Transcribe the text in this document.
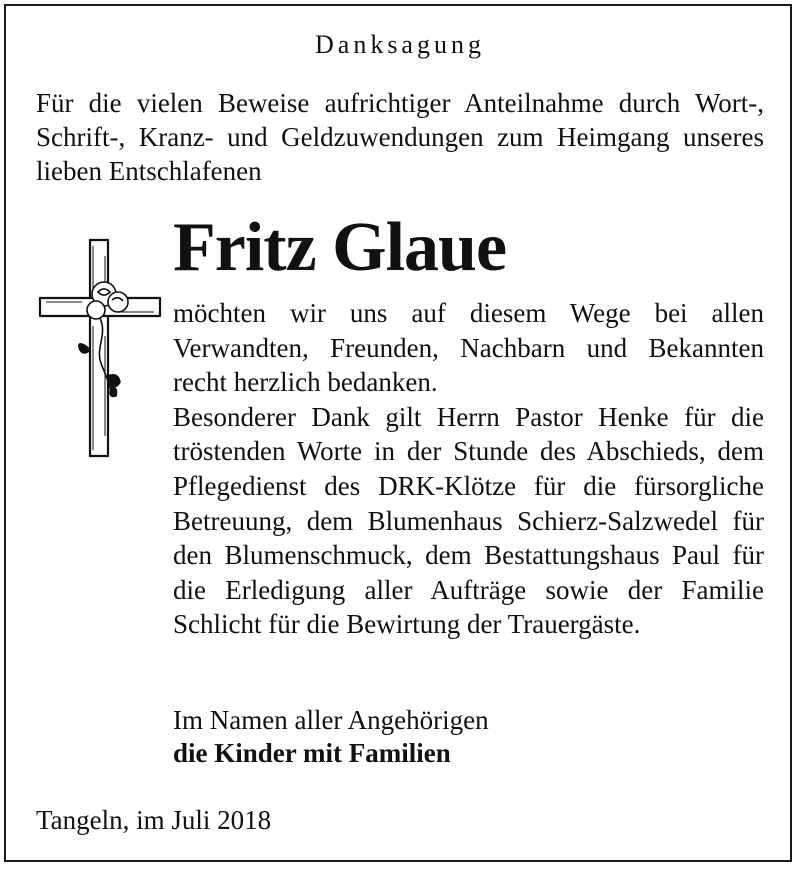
Danksagung
Für die vielen Beweise aufrichtiger Anteilnahme durch Wort-, Schrift-, Kranz- und Geldzuwendungen zum Heimgang unseres lieben Entschlafenen
Fritz Glaue
möchten wir uns auf diesem Wege bei allen Verwandten, Freunden, Nachbarn und Bekannten recht herzlich bedanken.
Besonderer Dank gilt Herrn Pastor Henke für die tröstenden Worte in der Stunde des Abschieds, dem Pflegedienst des DRK-Klötze für die fürsorgliche Betreuung, dem Blumenhaus Schierz-Salzwedel für den Blumenschmuck, dem Bestattungshaus Paul für die Erledigung aller Aufträge sowie der Familie Schlicht für die Bewirtung der Trauergäste.
Im Namen aller Angehörigen
die Kinder mit Familien
Tangeln, im Juli 2018
